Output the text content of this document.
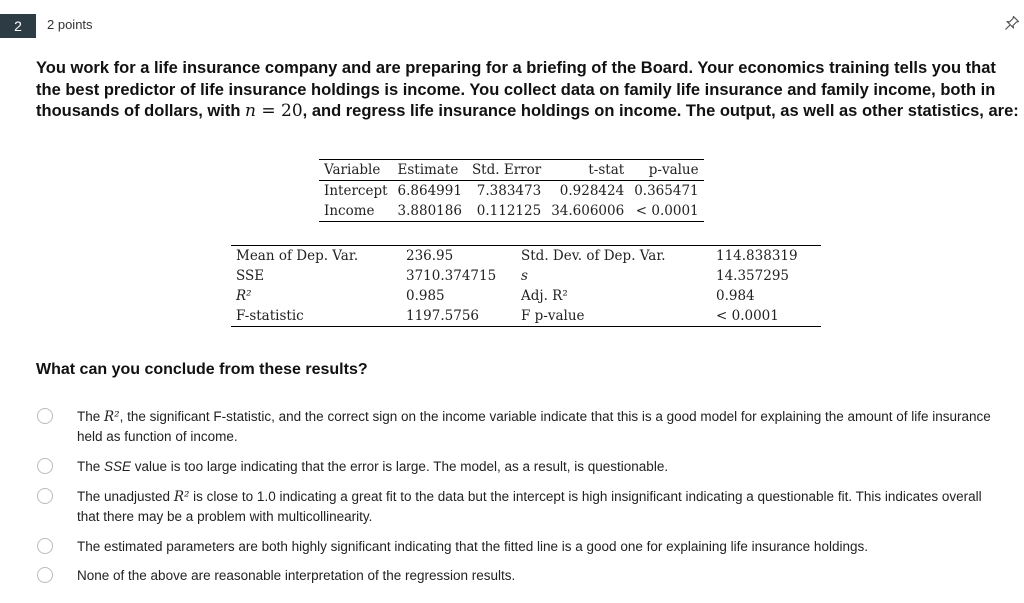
2	2 points
You work for a life insurance company and are preparing for a briefing of the Board. Your economics training tells you that the best predictor of life insurance holdings is income. You collect data on family life insurance and family income, both in thousands of dollars, with n = 20, and regress life insurance holdings on income. The output, as well as other statistics, are:
Variable	Estimate	Std. Error	t-stat	p-value
Intercept	6.864991	7.383473	0.928424	0.365471
Income	3.880186	0.112125	34.606006	< 0.0001
Mean of Dep. Var.	236.95	Std. Dev. of Dep. Var.	114.838319
SSE	3710.374715	s	14.357295
R²	0.985	Adj. R²	0.984
F-statistic	1197.5756	F p-value	< 0.0001
What can you conclude from these results?
The R², the significant F-statistic, and the correct sign on the income variable indicate that this is a good model for explaining the amount of life insurance held as function of income.
The SSE value is too large indicating that the error is large. The model, as a result, is questionable.
The unadjusted R² is close to 1.0 indicating a great fit to the data but the intercept is high insignificant indicating a questionable fit. This indicates overall that there may be a problem with multicollinearity.
The estimated parameters are both highly significant indicating that the fitted line is a good one for explaining life insurance holdings.
None of the above are reasonable interpretation of the regression results.
